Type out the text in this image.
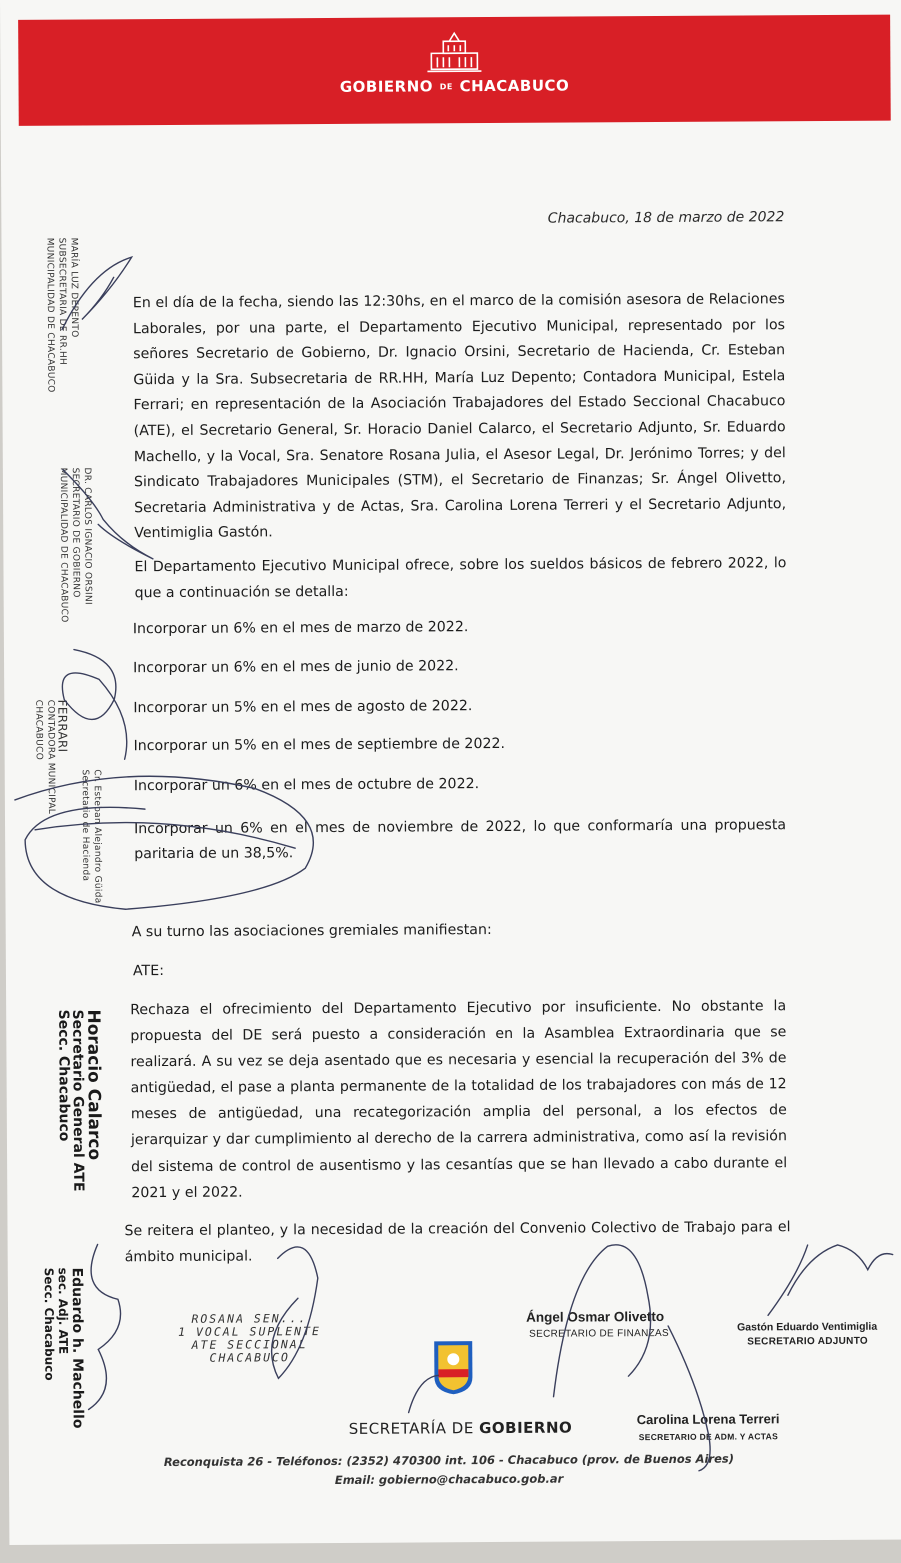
GOBIERNO DE CHACABUCO
Chacabuco, 18 de marzo de 2022
En el día de la fecha, siendo las 12:30hs, en el marco de la comisión asesora de Relaciones Laborales, por una parte, el Departamento Ejecutivo Municipal, representado por los señores Secretario de Gobierno, Dr. Ignacio Orsini, Secretario de Hacienda, Cr. Esteban Güida y la Sra. Subsecretaria de RR.HH, María Luz Depento; Contadora Municipal, Estela Ferrari; en representación de la Asociación Trabajadores del Estado Seccional Chacabuco (ATE), el Secretario General, Sr. Horacio Daniel Calarco, el Secretario Adjunto, Sr. Eduardo Machello, y la Vocal, Sra. Senatore Rosana Julia, el Asesor Legal, Dr. Jerónimo Torres; y del Sindicato Trabajadores Municipales (STM), el Secretario de Finanzas; Sr. Ángel Olivetto, Secretaria Administrativa y de Actas, Sra. Carolina Lorena Terreri y el Secretario Adjunto, Ventimiglia Gastón.
El Departamento Ejecutivo Municipal ofrece, sobre los sueldos básicos de febrero 2022, lo que a continuación se detalla:
Incorporar un 6% en el mes de marzo de 2022.
Incorporar un 6% en el mes de junio de 2022.
Incorporar un 5% en el mes de agosto de 2022.
Incorporar un 5% en el mes de septiembre de 2022.
Incorporar un 6% en el mes de octubre de 2022.
Incorporar un 6% en el mes de noviembre de 2022, lo que conformaría una propuesta paritaria de un 38,5%.
A su turno las asociaciones gremiales manifiestan:
ATE:
Rechaza el ofrecimiento del Departamento Ejecutivo por insuficiente. No obstante la propuesta del DE será puesto a consideración en la Asamblea Extraordinaria que se realizará. A su vez se deja asentado que es necesaria y esencial la recuperación del 3% de antigüedad, el pase a planta permanente de la totalidad de los trabajadores con más de 12 meses de antigüedad, una recategorización amplia del personal, a los efectos de jerarquizar y dar cumplimiento al derecho de la carrera administrativa, como así la revisión del sistema de control de ausentismo y las cesantías que se han llevado a cabo durante el 2021 y el 2022.
Se reitera el planteo, y la necesidad de la creación del Convenio Colectivo de Trabajo para el ámbito municipal.
MARÍA LUZ DEPENTO
SUBSECRETARIA DE RR.HH
MUNICIPALIDAD DE CHACABUCO
DR. CARLOS IGNACIO ORSINI
SECRETARIO DE GOBIERNO
MUNICIPALIDAD DE CHACABUCO
FERRARI
CONTADORA MUNICIPAL
CHACABUCO
Cr. Esteban Alejandro Güida
Secretario de Hacienda
Horacio Calarco
Secretario General ATE
Secc. Chacabuco
Eduardo h. Machello
sec. Adj. ATE
Secc. Chacabuco	ROSANA SEN...
1 VOCAL SUPLENTE
ATE SECCIONAL
CHACABUCO
Ángel Osmar Olivetto
SECRETARIO DE FINANZAS
Gastón Eduardo Ventimiglia
SECRETARIO ADJUNTO
Carolina Lorena Terreri
SECRETARIO DE ADM. Y ACTAS
SECRETARÍA DE GOBIERNO
Reconquista 26 - Teléfonos: (2352) 470300 int. 106 - Chacabuco (prov. de Buenos Aires)
Email: gobierno@chacabuco.gob.ar
